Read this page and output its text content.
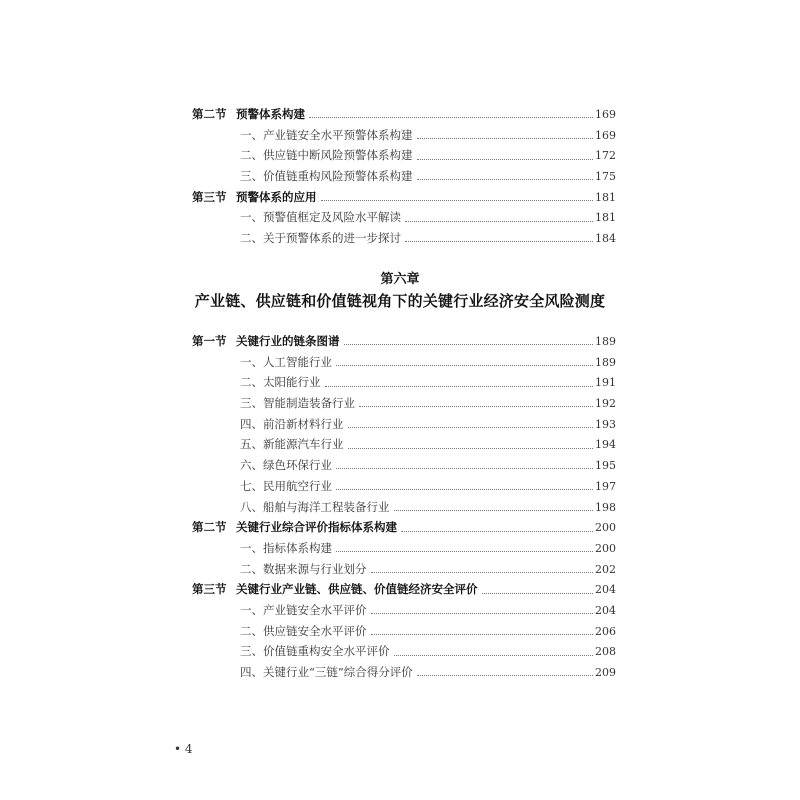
第二节 预警体系构建	169
一、产业链安全水平预警体系构建	169
二、供应链中断风险预警体系构建	172
三、价值链重构风险预警体系构建	175
第三节 预警体系的应用	181
一、预警值框定及风险水平解读	181
二、关于预警体系的进一步探讨	184
第六章
产业链、供应链和价值链视角下的关键行业经济安全风险测度
第一节 关键行业的链条图谱	189
一、人工智能行业	189
二、太阳能行业	191
三、智能制造装备行业	192
四、前沿新材料行业	193
五、新能源汽车行业	194
六、绿色环保行业	195
七、民用航空行业	197
八、船舶与海洋工程装备行业	198
第二节 关键行业综合评价指标体系构建	200
一、指标体系构建	200
二、数据来源与行业划分	202
第三节 关键行业产业链、供应链、价值链经济安全评价	204
一、产业链安全水平评价	204
二、供应链安全水平评价	206
三、价值链重构安全水平评价	208
四、关键行业“三链”综合得分评价	209
• 4
